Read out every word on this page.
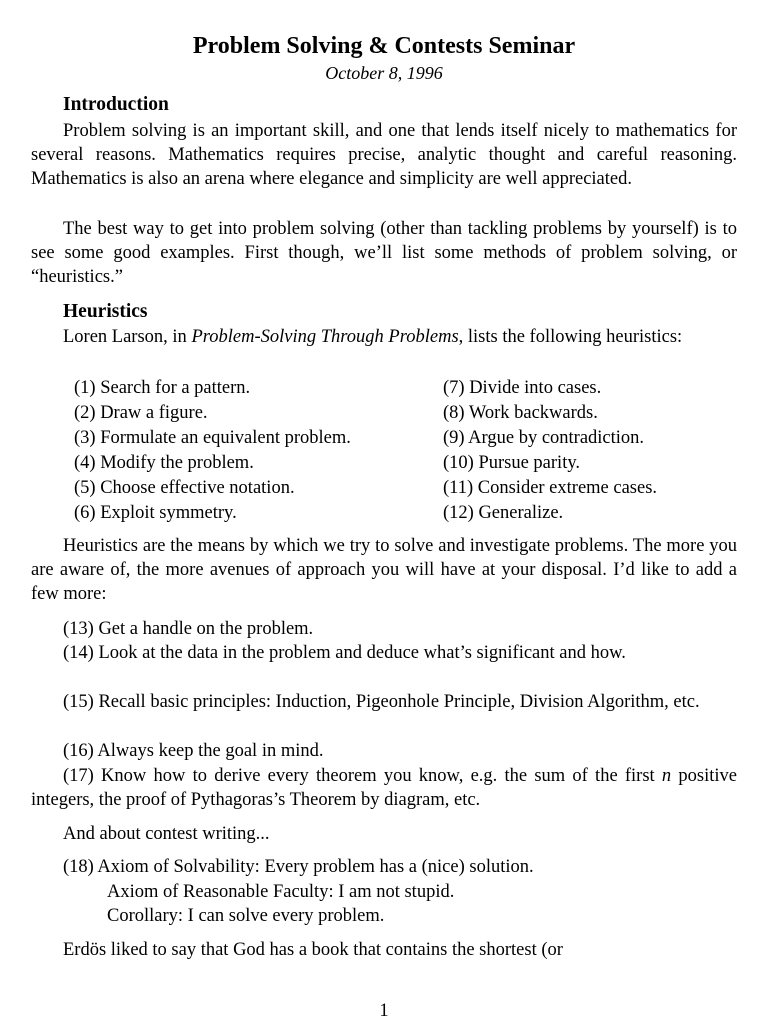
Problem Solving & Contests Seminar
October 8, 1996
Introduction
Problem solving is an important skill, and one that lends itself nicely to mathematics for several reasons. Mathematics requires precise, analytic thought and careful reasoning. Mathematics is also an arena where elegance and simplicity are well appreciated.
The best way to get into problem solving (other than tackling problems by yourself) is to see some good examples. First though, we’ll list some methods of problem solving, or “heuristics.”
Heuristics
Loren Larson, in Problem-Solving Through Problems, lists the following heuristics:
(1) Search for a pattern.
(2) Draw a figure.
(3) Formulate an equivalent problem.
(4) Modify the problem.
(5) Choose effective notation.
(6) Exploit symmetry.
(7) Divide into cases.
(8) Work backwards.
(9) Argue by contradiction.
(10) Pursue parity.
(11) Consider extreme cases.
(12) Generalize.
Heuristics are the means by which we try to solve and investigate problems. The more you are aware of, the more avenues of approach you will have at your disposal. I’d like to add a few more:
(13) Get a handle on the problem.
(14) Look at the data in the problem and deduce what’s significant and how.
(15) Recall basic principles: Induction, Pigeonhole Principle, Division Algorithm, etc.
(16) Always keep the goal in mind.
(17) Know how to derive every theorem you know, e.g. the sum of the first n positive integers, the proof of Pythagoras’s Theorem by diagram, etc.
And about contest writing...
(18) Axiom of Solvability: Every problem has a (nice) solution.
Axiom of Reasonable Faculty: I am not stupid.
Corollary: I can solve every problem.
Erdös liked to say that God has a book that contains the shortest (or
1
